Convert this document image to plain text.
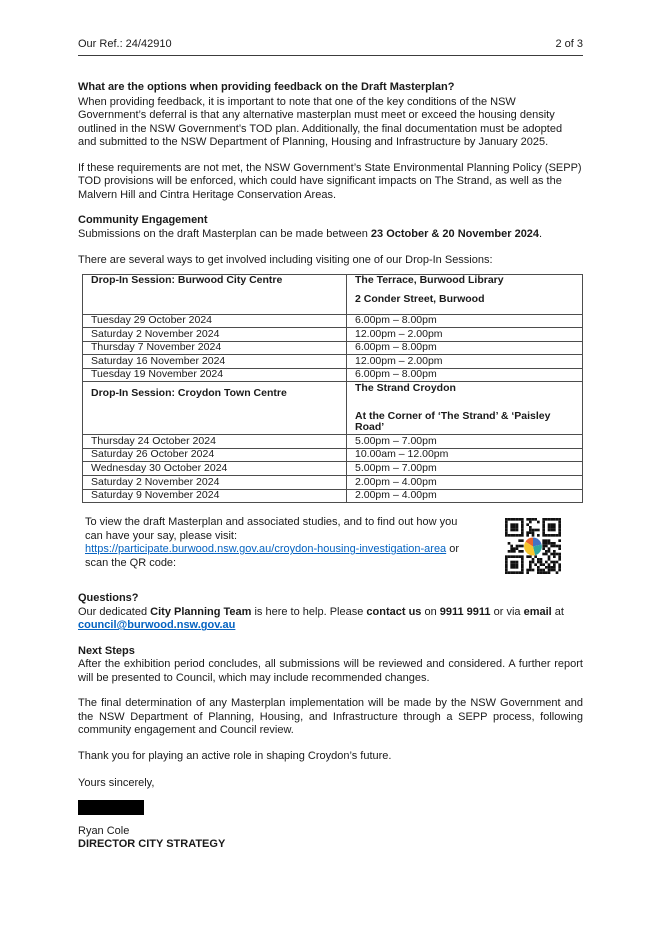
Our Ref.: 24/42910	2 of 3
What are the options when providing feedback on the Draft Masterplan?

When providing feedback, it is important to note that one of the key conditions of the NSW Government’s deferral is that any alternative masterplan must meet or exceed the housing density outlined in the NSW Government’s TOD plan. Additionally, the final documentation must be adopted and submitted to the NSW Department of Planning, Housing and Infrastructure by January 2025.

If these requirements are not met, the NSW Government’s State Environmental Planning Policy (SEPP) TOD provisions will be enforced, which could have significant impacts on The Strand, as well as the Malvern Hill and Cintra Heritage Conservation Areas.

Community Engagement

Submissions on the draft Masterplan can be made between 23 October & 20 November 2024.

There are several ways to get involved including visiting one of our Drop-In Sessions:

Drop-In Session: Burwood City Centre	The Terrace, Burwood Library
2 Conder Street, Burwood

Tuesday 29 October 2024	6.00pm – 8.00pm
Saturday 2 November 2024	12.00pm – 2.00pm
Thursday 7 November 2024	6.00pm – 8.00pm
Saturday 16 November 2024	12.00pm – 2.00pm
Tuesday 19 November 2024	6.00pm – 8.00pm
Drop-In Session: Croydon Town Centre	The Strand Croydon
At the Corner of ‘The Strand’ & ‘Paisley Road’

Thursday 24 October 2024	5.00pm – 7.00pm
Saturday 26 October 2024	10.00am – 12.00pm
Wednesday 30 October 2024	5.00pm – 7.00pm
Saturday 2 November 2024	2.00pm – 4.00pm
Saturday 9 November 2024	2.00pm – 4.00pm
To view the draft Masterplan and associated studies, and to find out how you
can have your say, please visit:
https://participate.burwood.nsw.gov.au/croydon-housing-investigation-area or
scan the QR code:
Questions?

Our dedicated City Planning Team is here to help. Please contact us on 9911 9911 or via email at council@burwood.nsw.gov.au

Next Steps

After the exhibition period concludes, all submissions will be reviewed and considered. A further report will be presented to Council, which may include recommended changes.

The final determination of any Masterplan implementation will be made by the NSW Government and the NSW Department of Planning, Housing, and Infrastructure through a SEPP process, following community engagement and Council review.

Thank you for playing an active role in shaping Croydon’s future.

Yours sincerely,

Ryan Cole
DIRECTOR CITY STRATEGY
